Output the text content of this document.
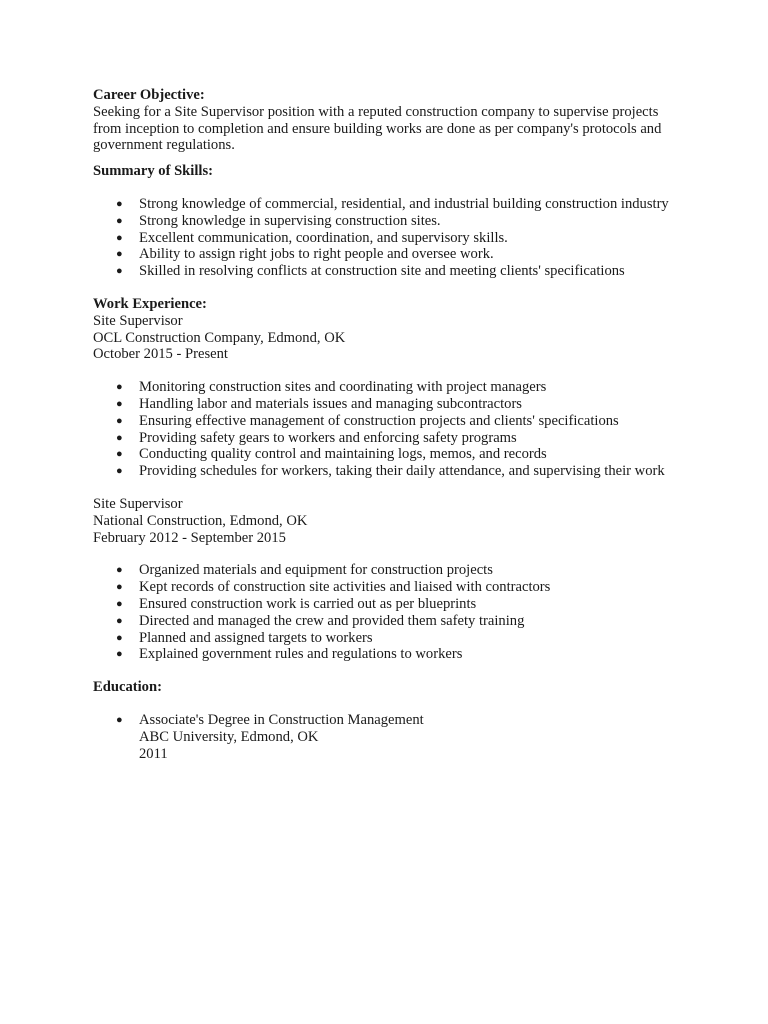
Career Objective:

Seeking for a Site Supervisor position with a reputed construction company to supervise projects from inception to completion and ensure building works are done as per company's protocols and government regulations.

Summary of Skills:

● Strong knowledge of commercial, residential, and industrial building construction industry
● Strong knowledge in supervising construction sites.
● Excellent communication, coordination, and supervisory skills.
● Ability to assign right jobs to right people and oversee work.
● Skilled in resolving conflicts at construction site and meeting clients' specifications

Work Experience:

Site Supervisor

OCL Construction Company, Edmond, OK

October 2015 - Present

● Monitoring construction sites and coordinating with project managers
● Handling labor and materials issues and managing subcontractors
● Ensuring effective management of construction projects and clients' specifications
● Providing safety gears to workers and enforcing safety programs
● Conducting quality control and maintaining logs, memos, and records
● Providing schedules for workers, taking their daily attendance, and supervising their work

Site Supervisor

National Construction, Edmond, OK

February 2012 - September 2015

● Organized materials and equipment for construction projects
● Kept records of construction site activities and liaised with contractors
● Ensured construction work is carried out as per blueprints
● Directed and managed the crew and provided them safety training
● Planned and assigned targets to workers
● Explained government rules and regulations to workers

Education:

● Associate's Degree in Construction Management
ABC University, Edmond, OK
2011
